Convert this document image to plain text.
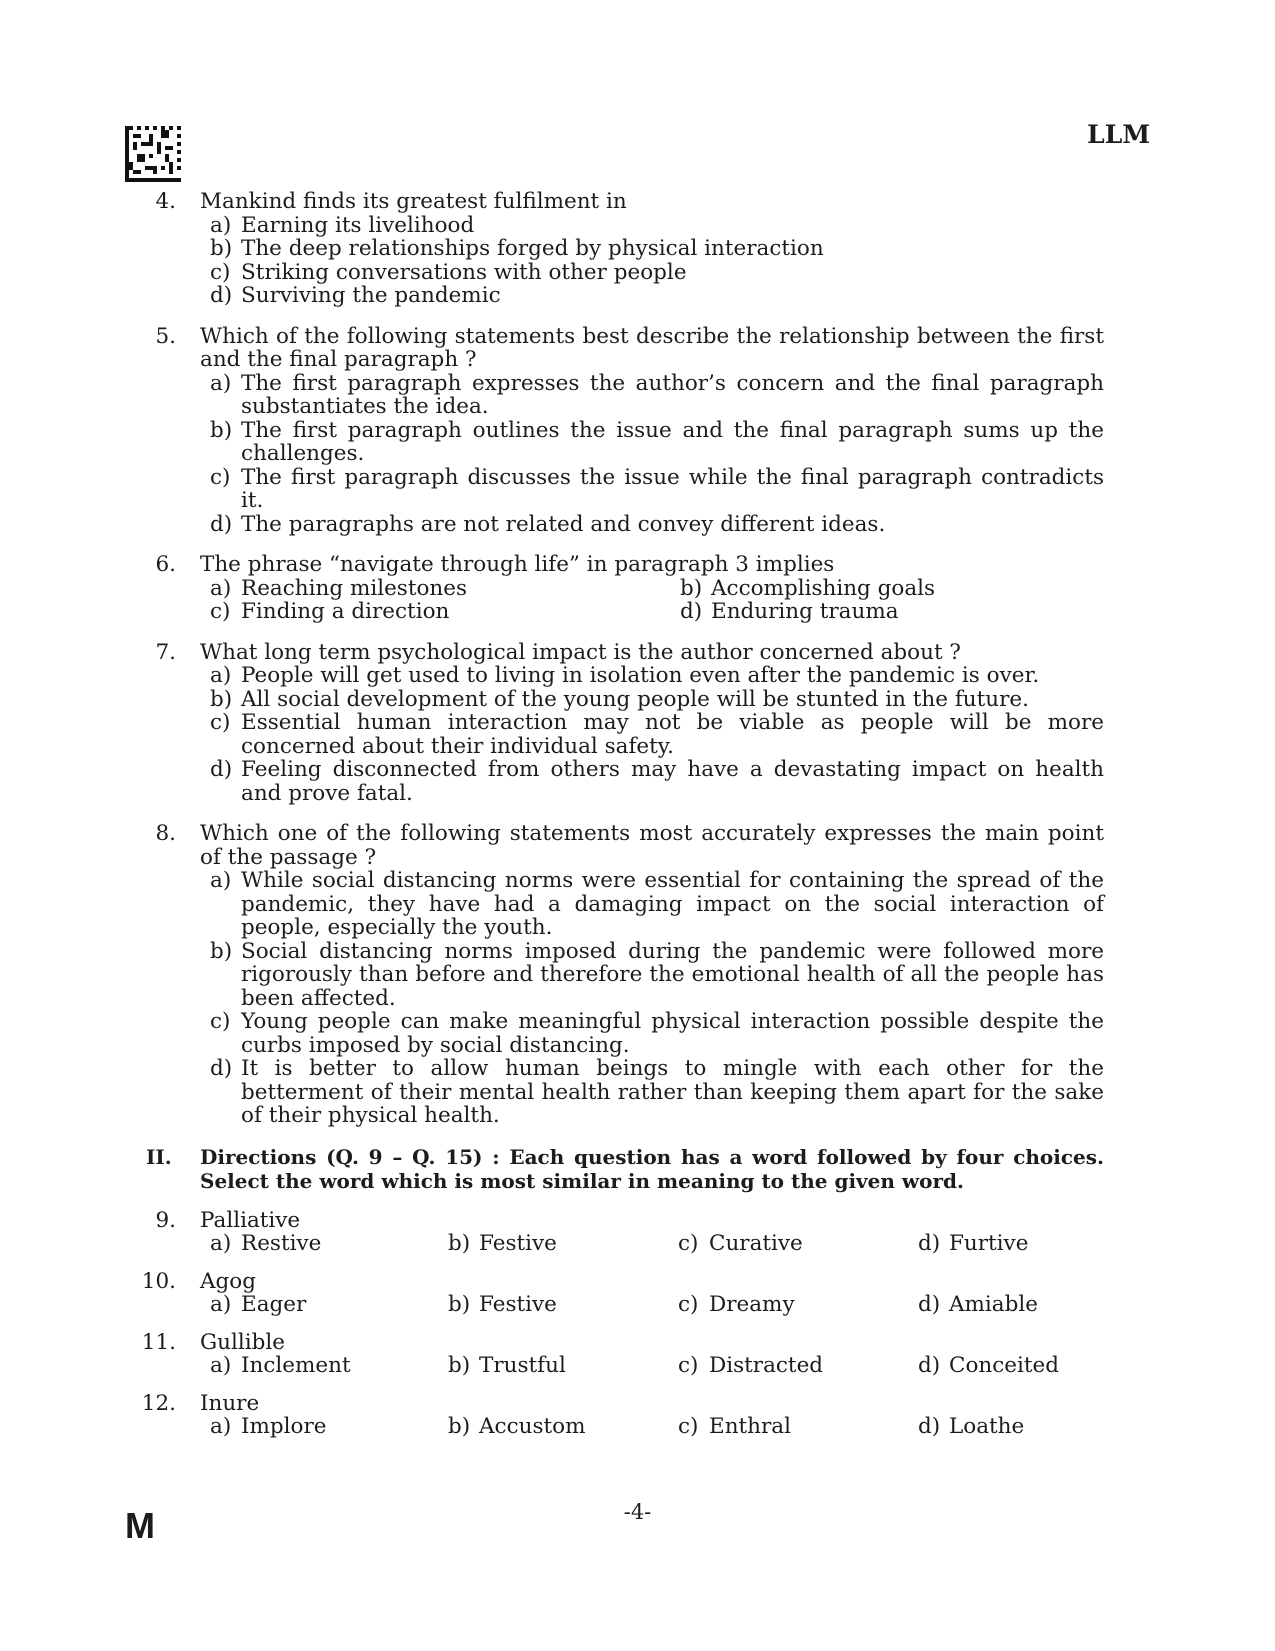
LLM
4. Mankind finds its greatest fulfilment in
a) Earning its livelihood
b) The deep relationships forged by physical interaction
c) Striking conversations with other people
d) Surviving the pandemic
5. Which of the following statements best describe the relationship between the first and the final paragraph ?
a) The first paragraph expresses the author’s concern and the final paragraph substantiates the idea.
b) The first paragraph outlines the issue and the final paragraph sums up the challenges.
c) The first paragraph discusses the issue while the final paragraph contradicts it.
d) The paragraphs are not related and convey different ideas.
6. The phrase “navigate through life” in paragraph 3 implies
a) Reaching milestones	b) Accomplishing goals
c) Finding a direction	d) Enduring trauma
7. What long term psychological impact is the author concerned about ?
a) People will get used to living in isolation even after the pandemic is over.
b) All social development of the young people will be stunted in the future.
c) Essential human interaction may not be viable as people will be more concerned about their individual safety.
d) Feeling disconnected from others may have a devastating impact on health and prove fatal.
8. Which one of the following statements most accurately expresses the main point of the passage ?
a) While social distancing norms were essential for containing the spread of the pandemic, they have had a damaging impact on the social interaction of people, especially the youth.
b) Social distancing norms imposed during the pandemic were followed more rigorously than before and therefore the emotional health of all the people has been affected.
c) Young people can make meaningful physical interaction possible despite the curbs imposed by social distancing.
d) It is better to allow human beings to mingle with each other for the betterment of their mental health rather than keeping them apart for the sake of their physical health.
II.	Directions (Q. 9 – Q. 15) : Each question has a word followed by four choices. Select the word which is most similar in meaning to the given word.
9. Palliative
a) Restive	b) Festive	c) Curative	d) Furtive
10. Agog
a) Eager	b) Festive	c) Dreamy	d) Amiable
11. Gullible
a) Inclement	b) Trustful	c) Distracted	d) Conceited
12. Inure
a) Implore	b) Accustom	c) Enthral	d) Loathe
M	-4-
